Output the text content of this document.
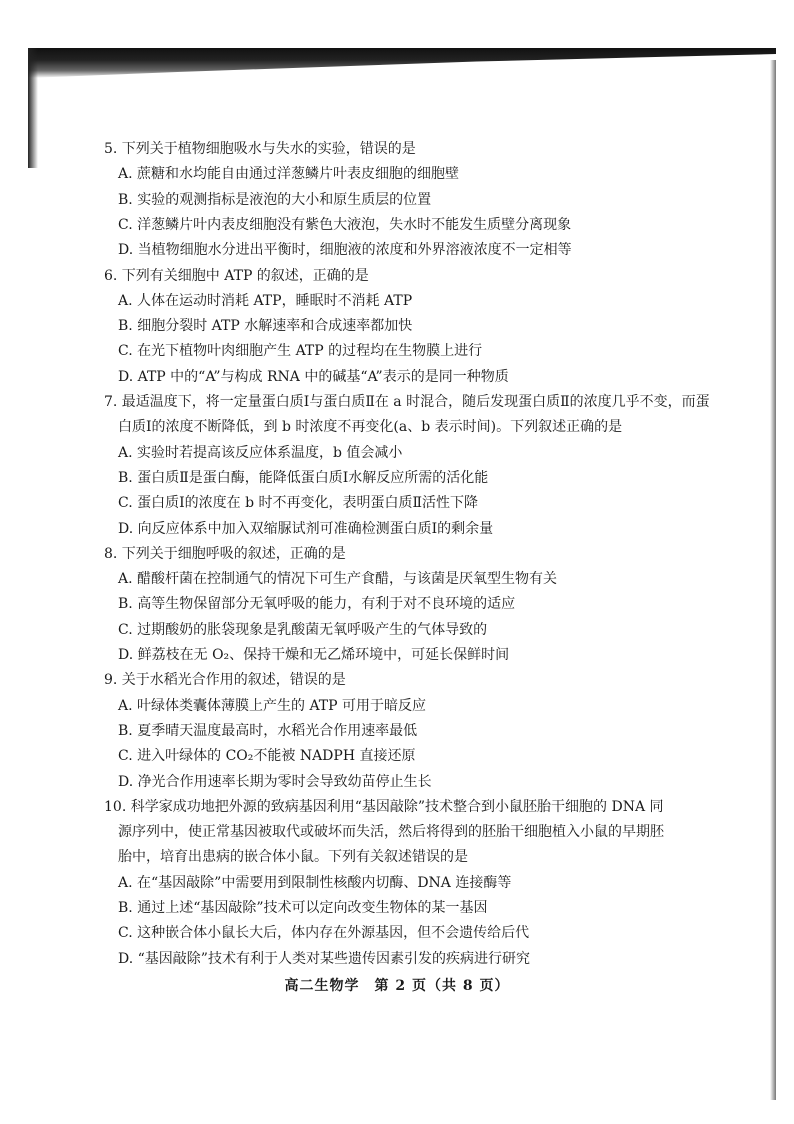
5. 下列关于植物细胞吸水与失水的实验，错误的是
A. 蔗糖和水均能自由通过洋葱鳞片叶表皮细胞的细胞壁
B. 实验的观测指标是液泡的大小和原生质层的位置
C. 洋葱鳞片叶内表皮细胞没有紫色大液泡，失水时不能发生质壁分离现象
D. 当植物细胞水分进出平衡时，细胞液的浓度和外界溶液浓度不一定相等
6. 下列有关细胞中 ATP 的叙述，正确的是
A. 人体在运动时消耗 ATP，睡眠时不消耗 ATP
B. 细胞分裂时 ATP 水解速率和合成速率都加快
C. 在光下植物叶肉细胞产生 ATP 的过程均在生物膜上进行
D. ATP 中的“A”与构成 RNA 中的碱基“A”表示的是同一种物质
7. 最适温度下，将一定量蛋白质Ⅰ与蛋白质Ⅱ在 a 时混合，随后发现蛋白质Ⅱ的浓度几乎不变，而蛋
白质Ⅰ的浓度不断降低，到 b 时浓度不再变化(a、b 表示时间)。下列叙述正确的是
A. 实验时若提高该反应体系温度，b 值会减小
B. 蛋白质Ⅱ是蛋白酶，能降低蛋白质Ⅰ水解反应所需的活化能
C. 蛋白质Ⅰ的浓度在 b 时不再变化，表明蛋白质Ⅱ活性下降
D. 向反应体系中加入双缩脲试剂可准确检测蛋白质Ⅰ的剩余量
8. 下列关于细胞呼吸的叙述，正确的是
A. 醋酸杆菌在控制通气的情况下可生产食醋，与该菌是厌氧型生物有关
B. 高等生物保留部分无氧呼吸的能力，有利于对不良环境的适应
C. 过期酸奶的胀袋现象是乳酸菌无氧呼吸产生的气体导致的
D. 鲜荔枝在无 O₂、保持干燥和无乙烯环境中，可延长保鲜时间
9. 关于水稻光合作用的叙述，错误的是
A. 叶绿体类囊体薄膜上产生的 ATP 可用于暗反应
B. 夏季晴天温度最高时，水稻光合作用速率最低
C. 进入叶绿体的 CO₂不能被 NADPH 直接还原
D. 净光合作用速率长期为零时会导致幼苗停止生长
10. 科学家成功地把外源的致病基因利用“基因敲除”技术整合到小鼠胚胎干细胞的 DNA 同
源序列中，使正常基因被取代或破坏而失活，然后将得到的胚胎干细胞植入小鼠的早期胚
胎中，培育出患病的嵌合体小鼠。下列有关叙述错误的是
A. 在“基因敲除”中需要用到限制性核酸内切酶、DNA 连接酶等
B. 通过上述“基因敲除”技术可以定向改变生物体的某一基因
C. 这种嵌合体小鼠长大后，体内存在外源基因，但不会遗传给后代
D. “基因敲除”技术有利于人类对某些遗传因素引发的疾病进行研究
高二生物学　第 2 页（共 8 页）
